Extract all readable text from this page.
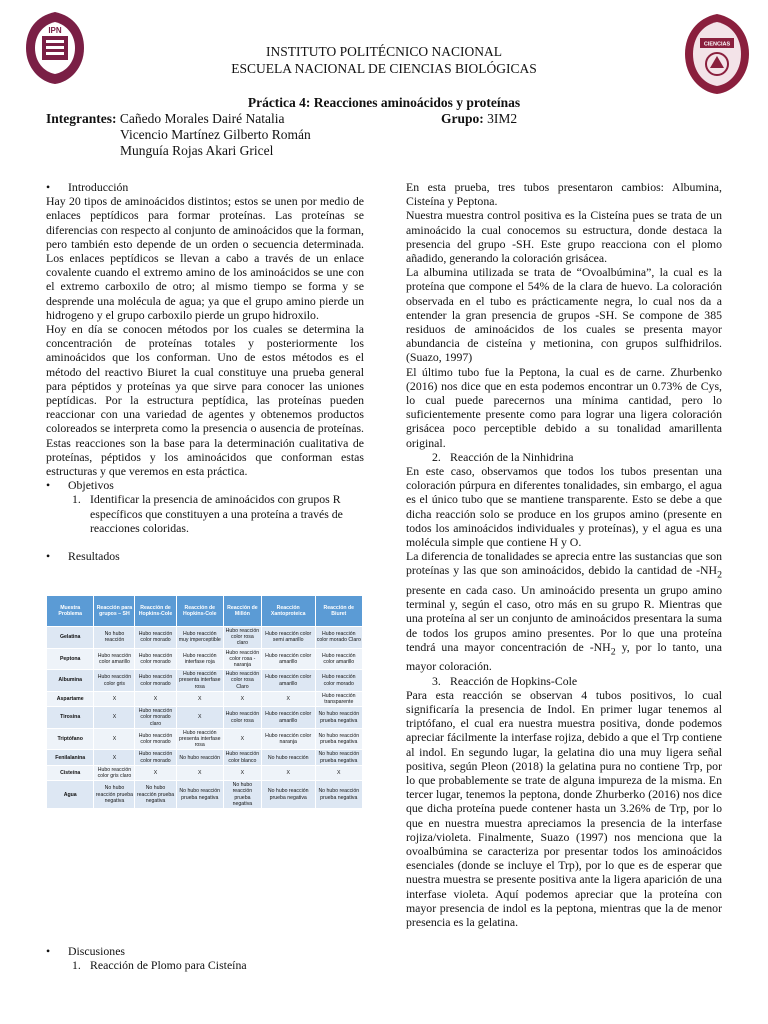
IPN
CIENCIAS
INSTITUTO POLITÉCNICO NACIONAL
ESCUELA NACIONAL DE CIENCIAS BIOLÓGICAS
Práctica 4: Reacciones aminoácidos y proteínas
Integrantes: Cañedo Morales Dairé Natalia
Vicencio Martínez Gilberto Román
Munguía Rojas Akari Gricel
Grupo: 3IM2

• Introducción

Hay 20 tipos de aminoácidos distintos; estos se unen por medio de enlaces peptídicos para formar proteínas. Las proteínas se diferencias con respecto al conjunto de aminoácidos que la forman, pero también esto depende de un orden o secuencia determinada. Los enlaces peptídicos se llevan a cabo a través de un enlace covalente cuando el extremo amino de los aminoácidos se une con el extremo carboxilo de otro; al mismo tiempo se forma y se desprende una molécula de agua; ya que el grupo amino pierde un hidrogeno y el grupo carboxilo pierde un grupo hidroxilo.

Hoy en día se conocen métodos por los cuales se determina la concentración de proteínas totales y posteriormente los aminoácidos que los conforman. Uno de estos métodos es el método del reactivo Biuret la cual constituye una prueba general para péptidos y proteínas ya que sirve para conocer las uniones peptídicas. Por la estructura peptídica, las proteínas pueden reaccionar con una variedad de agentes y obtenemos productos coloreados se interpreta como la presencia o ausencia de proteínas. Estas reacciones son la base para la determinación cualitativa de proteínas, péptidos y los aminoácidos que conforman estas estructuras y que veremos en esta práctica.

• Objetivos

1. Identificar la presencia de aminoácidos con grupos R específicos que constituyen a una proteína a través de reacciones coloridas.

• Resultados

Muestra Problema	Reacción para grupos – SH	Reacción de Hopkins-Cole	Reacción de Hopkins-Cole	Reacción de Millón	Reacción Xantoproteica	Reacción de Biuret
Gelatina	No hubo reacción	Hubo reacción color morado	Hubo reacción muy imperceptible	Hubo reacción color rosa claro	Hubo reacción color semi amarillo	Hubo reacción color morado Claro
Peptona	Hubo reacción color amarillo	Hubo reacción color morado	Hubo reacción interfase roja	Hubo reacción color rosa - naranja	Hubo reacción color amarillo	Hubo reacción color amarillo
Albumina	Hubo reacción color gris	Hubo reacción color morado	Hubo reacción presenta interfase rosa	Hubo reacción color rosa Claro	Hubo reacción color amarillo	Hubo reacción color morado
Aspartame	X	X	X	X	X	Hubo reacción transparente
Tirosina	X	Hubo reacción color morado claro	X	Hubo reacción color rosa	Hubo reacción color amarillo	No hubo reacción prueba negativa
Triptófano	X	Hubo reacción color morado	Hubo reacción presenta interfase rosa	X	Hubo reacción color naranja	No hubo reacción prueba negativa
Fenilalanina	X	Hubo reacción color morado	No hubo reacción	Hubo reacción color blanco	No hubo reacción	No hubo reacción prueba negativa
Cisteína	Hubo reacción color gris claro	X	X	X	X	X
Agua	No hubo reacción prueba negativa	No hubo reacción prueba negativa	No hubo reacción prueba negativa	No hubo reacción prueba negativa	No hubo reacción prueba negativa	No hubo reacción prueba negativa

• Discusiones

1. Reacción de Plomo para Cisteína

En esta prueba, tres tubos presentaron cambios: Albumina, Cisteína y Peptona.

Nuestra muestra control positiva es la Cisteína pues se trata de un aminoácido la cual conocemos su estructura, donde destaca la presencia del grupo -SH. Este grupo reacciona con el plomo añadido, generando la coloración grisácea.

La albumina utilizada se trata de “Ovoalbúmina”, la cual es la proteína que compone el 54% de la clara de huevo. La coloración observada en el tubo es prácticamente negra, lo cual nos da a entender la gran presencia de grupos -SH. Se compone de 385 residuos de aminoácidos de los cuales se presenta mayor abundancia de cisteína y metionina, con grupos sulfhidrilos. (Suazo, 1997)

El último tubo fue la Peptona, la cual es de carne. Zhurbenko (2016) nos dice que en esta podemos encontrar un 0.73% de Cys, lo cual puede parecernos una mínima cantidad, pero lo suficientemente presente como para lograr una ligera coloración grisácea poco perceptible debido a su tonalidad amarillenta original.

2. Reacción de la Ninhidrina

En este caso, observamos que todos los tubos presentan una coloración púrpura en diferentes tonalidades, sin embargo, el agua es el único tubo que se mantiene transparente. Esto se debe a que dicha reacción solo se produce en los grupos amino (presente en todos los aminoácidos individuales y proteínas), y el agua es una molécula simple que contiene H y O.

La diferencia de tonalidades se aprecia entre las sustancias que son proteínas y las que son aminoácidos, debido la cantidad de $-NH_2$ presente en cada caso. Un aminoácido presenta un grupo amino terminal y, según el caso, otro más en su grupo R. Mientras que una proteína al ser un conjunto de aminoácidos presentara la suma de todos los grupos amino presentes. Por lo que una proteína tendrá una mayor concentración de $-NH_2$ y, por lo tanto, una mayor coloración.

3. Reacción de Hopkins-Cole

Para esta reacción se observan 4 tubos positivos, lo cual significaría la presencia de Indol. En primer lugar tenemos al triptófano, el cual era nuestra muestra positiva, donde podemos apreciar fácilmente la interfase rojiza, debido a que el Trp contiene al indol. En segundo lugar, la gelatina dio una muy ligera señal positiva, según Pleon (2018) la gelatina pura no contiene Trp, por lo que probablemente se trate de alguna impureza de la misma. En tercer lugar, tenemos la peptona, donde Zhurberko (2016) nos dice que dicha proteína puede contener hasta un 3.26% de Trp, por lo que en nuestra muestra apreciamos la presencia de la interfase rojiza/violeta. Finalmente, Suazo (1997) nos menciona que la ovoalbúmina se caracteriza por presentar todos los aminoácidos esenciales (donde se incluye el Trp), por lo que es de esperar que nuestra muestra se presente positiva ante la ligera aparición de una interfase violeta. Aquí podemos apreciar que la proteína con mayor presencia de indol es la peptona, mientras que la de menor presencia es la gelatina.
